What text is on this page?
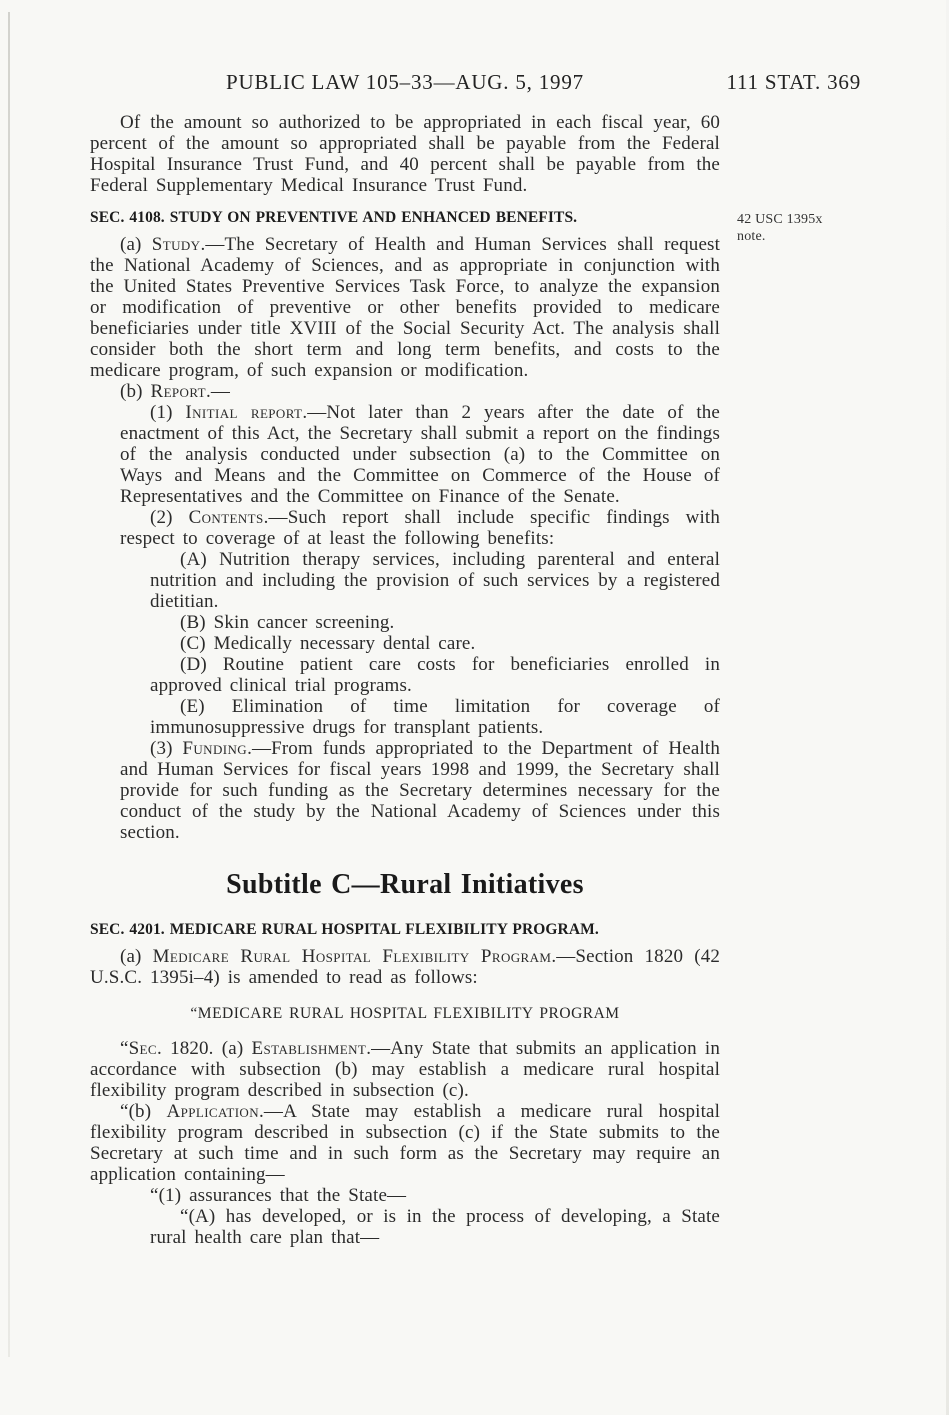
PUBLIC LAW 105–33—AUG. 5, 1997	111 STAT. 369
42 USC 1395x
note.

Of the amount so authorized to be appropriated in each fiscal year, 60 percent of the amount so appropriated shall be payable from the Federal Hospital Insurance Trust Fund, and 40 percent shall be payable from the Federal Supplementary Medical Insurance Trust Fund.

SEC. 4108. STUDY ON PREVENTIVE AND ENHANCED BENEFITS.

(a) Study.—The Secretary of Health and Human Services shall request the National Academy of Sciences, and as appropriate in conjunction with the United States Preventive Services Task Force, to analyze the expansion or modification of preventive or other benefits provided to medicare beneficiaries under title XVIII of the Social Security Act. The analysis shall consider both the short term and long term benefits, and costs to the medicare program, of such expansion or modification.

(b) Report.—

(1) Initial report.—Not later than 2 years after the date of the enactment of this Act, the Secretary shall submit a report on the findings of the analysis conducted under subsection (a) to the Committee on Ways and Means and the Committee on Commerce of the House of Representatives and the Committee on Finance of the Senate.

(2) Contents.—Such report shall include specific findings with respect to coverage of at least the following benefits:

(A) Nutrition therapy services, including parenteral and enteral nutrition and including the provision of such services by a registered dietitian.

(B) Skin cancer screening.

(C) Medically necessary dental care.

(D) Routine patient care costs for beneficiaries enrolled in approved clinical trial programs.

(E) Elimination of time limitation for coverage of immunosuppressive drugs for transplant patients.

(3) Funding.—From funds appropriated to the Department of Health and Human Services for fiscal years 1998 and 1999, the Secretary shall provide for such funding as the Secretary determines necessary for the conduct of the study by the National Academy of Sciences under this section.

Subtitle C—Rural Initiatives
SEC. 4201. MEDICARE RURAL HOSPITAL FLEXIBILITY PROGRAM.

(a) Medicare Rural Hospital Flexibility Program.—Section 1820 (42 U.S.C. 1395i–4) is amended to read as follows:

“MEDICARE RURAL HOSPITAL FLEXIBILITY PROGRAM

“Sec. 1820. (a) Establishment.—Any State that submits an application in accordance with subsection (b) may establish a medicare rural hospital flexibility program described in subsection (c).

“(b) Application.—A State may establish a medicare rural hospital flexibility program described in subsection (c) if the State submits to the Secretary at such time and in such form as the Secretary may require an application containing—

“(1) assurances that the State—

“(A) has developed, or is in the process of developing, a State rural health care plan that—
